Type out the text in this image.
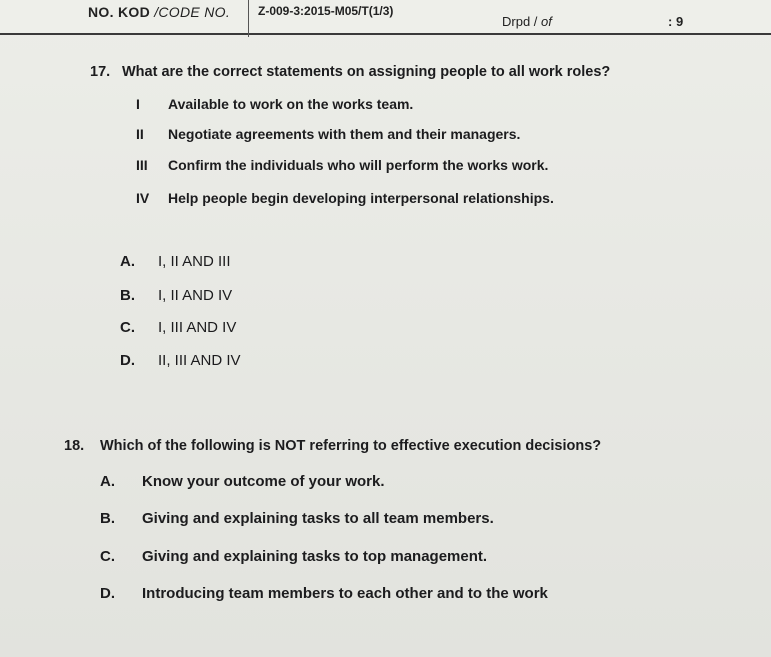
NO. KOD /CODE NO.	Z-009-3:2015-M05/T(1/3)
Drpd / of	: 9
17. What are the correct statements on assigning people to all work roles?
I Available to work on the works team.
II Negotiate agreements with them and their managers.
III Confirm the individuals who will perform the works work.
IV Help people begin developing interpersonal relationships.
A. I, II AND III
B. I, II AND IV
C. I, III AND IV
D. II, III AND IV
18. Which of the following is NOT referring to effective execution decisions?
A. Know your outcome of your work.
B. Giving and explaining tasks to all team members.
C. Giving and explaining tasks to top management.
D. Introducing team members to each other and to the work
